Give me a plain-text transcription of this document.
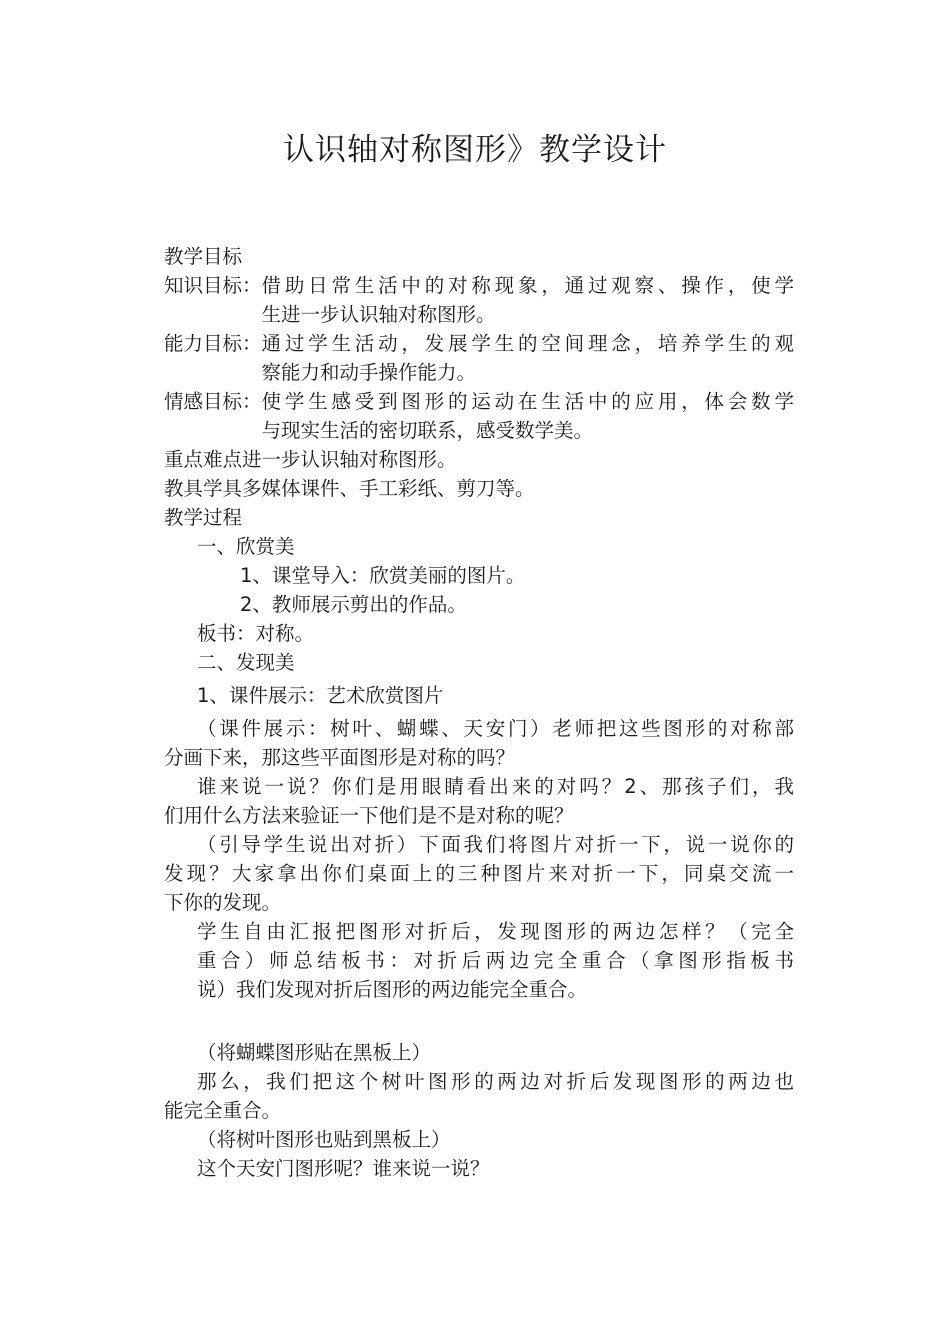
认识轴对称图形》教学设计
教学目标
知识目标： 借助日常生活中的对称现象，通过观察、操作，使学
生进一步认识轴对称图形。
能力目标： 通过学生活动，发展学生的空间理念，培养学生的观
察能力和动手操作能力。
情感目标： 使学生感受到图形的运动在生活中的应用，体会数学
与现实生活的密切联系，感受数学美。
重点难点进一步认识轴对称图形。
教具学具多媒体课件、手工彩纸、剪刀等。
教学过程
一、欣赏美
1、课堂导入：欣赏美丽的图片。
2、教师展示剪出的作品。
板书：对称。
二、发现美
1、课件展示：艺术欣赏图片
（课件展示：树叶、蝴蝶、天安门）老师把这些图形的对称部
分画下来，那这些平面图形是对称的吗？
谁来说一说？你们是用眼睛看出来的对吗？2、那孩子们，我
们用什么方法来验证一下他们是不是对称的呢？
（引导学生说出对折）下面我们将图片对折一下，说一说你的
发现？大家拿出你们桌面上的三种图片来对折一下，同桌交流一
下你的发现。
学生自由汇报把图形对折后，发现图形的两边怎样？（完全
重合）师总结板书：对折后两边完全重合（拿图形指板书
说）我们发现对折后图形的两边能完全重合。
（将蝴蝶图形贴在黑板上）
那么，我们把这个树叶图形的两边对折后发现图形的两边也
能完全重合。
（将树叶图形也贴到黑板上）
这个天安门图形呢？谁来说一说？
